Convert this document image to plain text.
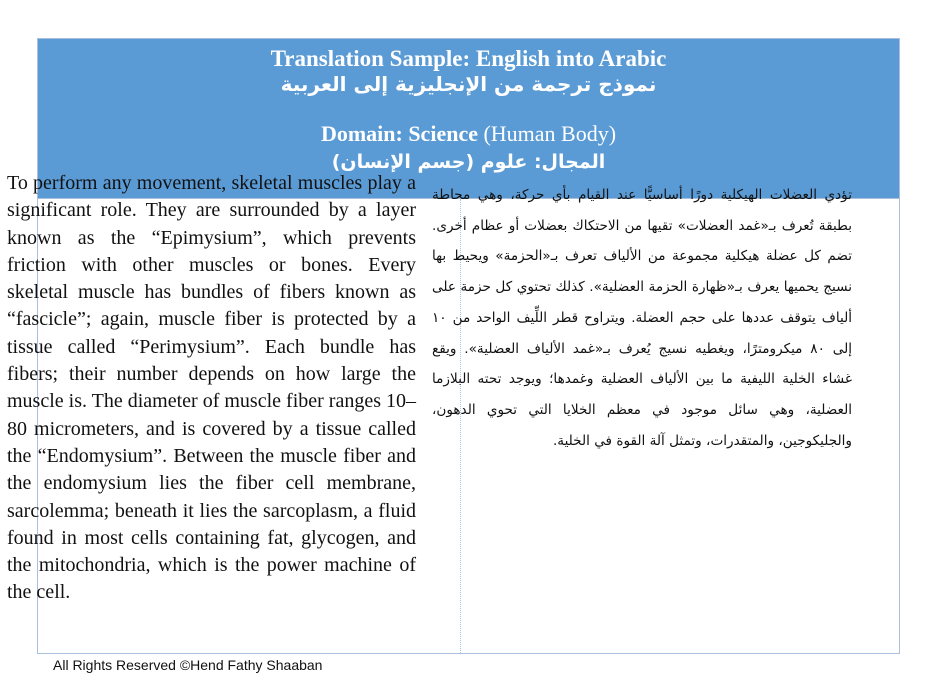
Translation Sample: English into Arabic
نموذج ترجمة من الإنجليزية إلى العربية
Domain: Science (Human Body)
المجال: علوم (جسم الإنسان)
To perform any movement, skeletal muscles play a significant role. They are surrounded by a layer known as the “Epimysium”, which prevents friction with other muscles or bones. Every skeletal muscle has bundles of fibers known as “fascicle”; again, muscle fiber is protected by a tissue called “Perimysium”. Each bundle has fibers; their number depends on how large the muscle is. The diameter of muscle fiber ranges 10–80 micrometers, and is covered by a tissue called the “Endomysium”. Between the muscle fiber and the endomysium lies the fiber cell membrane, sarcolemma; beneath it lies the sarcoplasm, a fluid found in most cells containing fat, glycogen, and the mitochondria, which is the power machine of the cell.
تؤدي العضلات الهيكلية دورًا أساسيًّا عند القيام بأي حركة، وهي محاطة بطبقة تُعرف بـ«غمد العضلات» تقيها من الاحتكاك بعضلات أو عظام أخرى. تضم كل عضلة هيكلية مجموعة من الألياف تعرف بـ«الحزمة» ويحيط بها نسيج يحميها يعرف بـ«ظهارة الحزمة العضلية». كذلك تحتوي كل حزمة على ألياف يتوقف عددها على حجم العضلة. ويتراوح قطر اللِّيف الواحد من ١٠ إلى ٨٠ ميكرومترًا، ويغطيه نسيج يُعرف بـ«غمد الألياف العضلية». ويقع غشاء الخلية الليفية ما بين الألياف العضلية وغمدها؛ ويوجد تحته البلازما العضلية، وهي سائل موجود في معظم الخلايا التي تحوي الدهون، والجليكوجين، والمتقدرات، وتمثل آلة القوة في الخلية.
All Rights Reserved ©Hend Fathy Shaaban
